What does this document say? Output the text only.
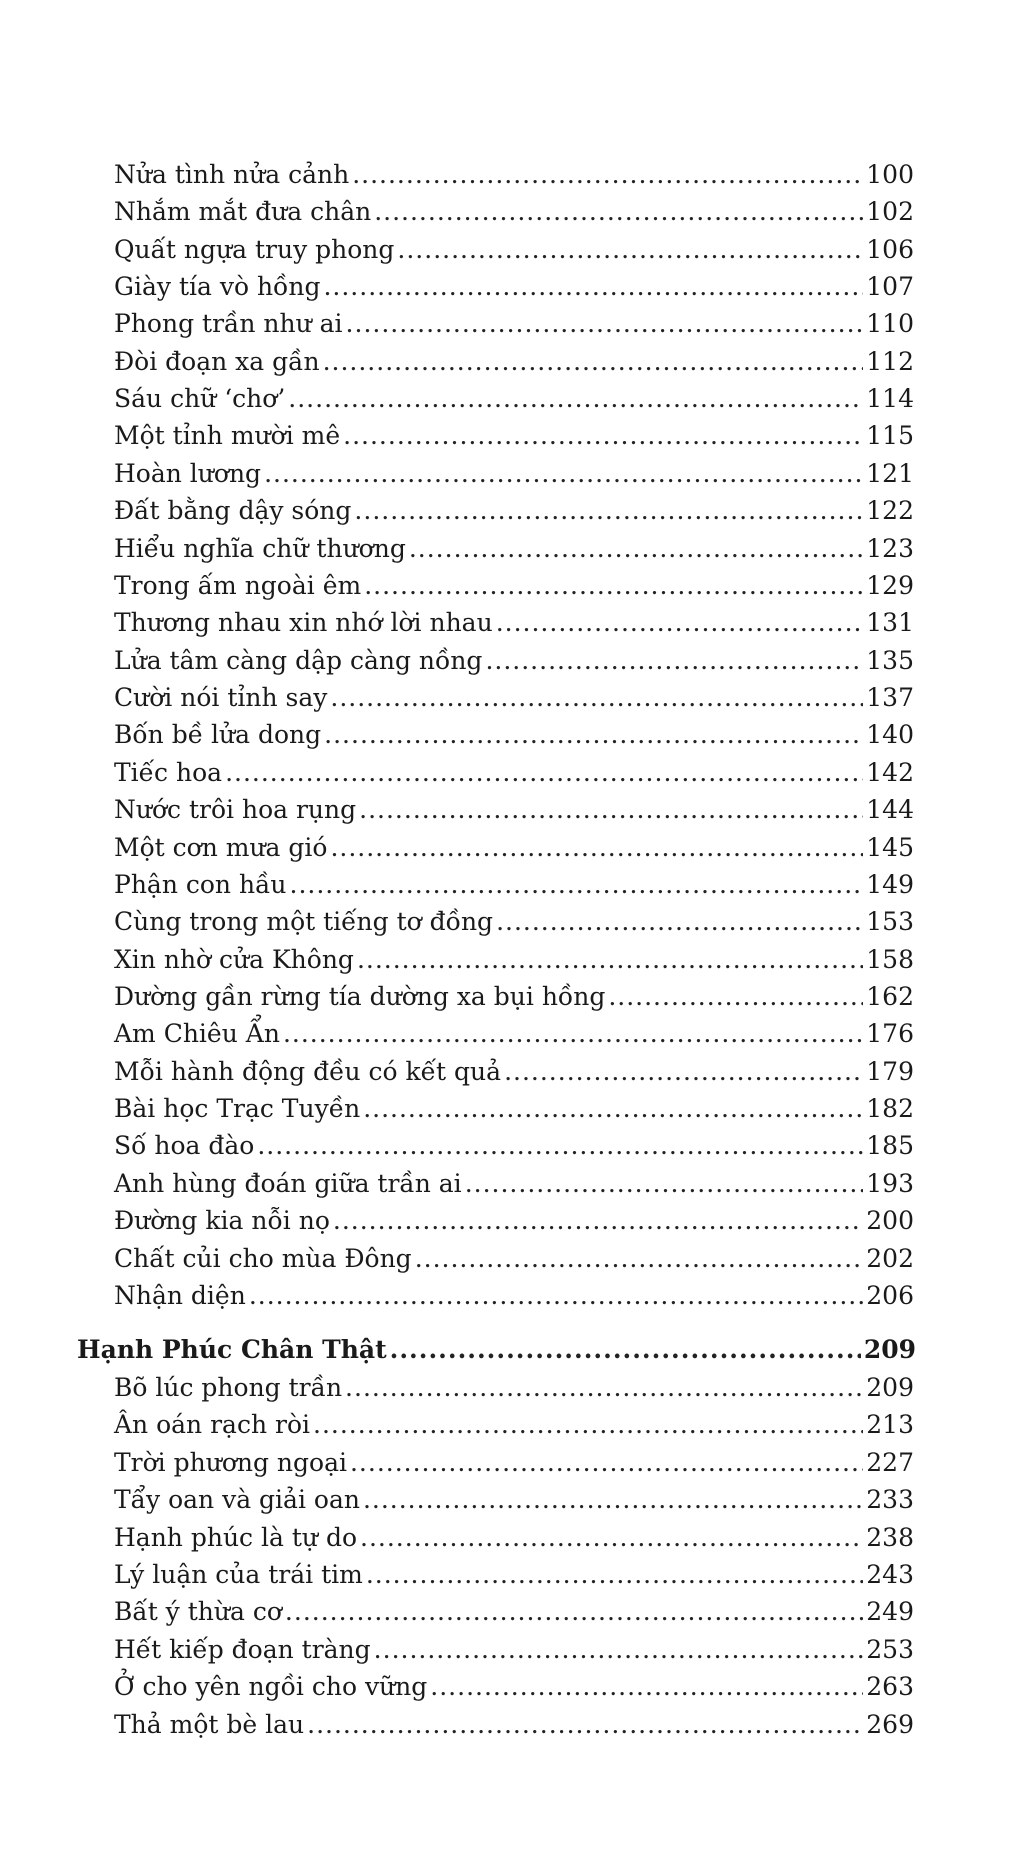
Nửa tình nửa cảnh .....	100
Nhắm mắt đưa chân .....	102
Quất ngựa truy phong .....	106
Giày tía vò hồng .....	107
Phong trần như ai .....	110
Đòi đoạn xa gần .....	112
Sáu chữ ‘chơ’ .....	114
Một tỉnh mười mê .....	115
Hoàn lương .....	121
Đất bằng dậy sóng .....	122
Hiểu nghĩa chữ thương .....	123
Trong ấm ngoài êm .....	129
Thương nhau xin nhớ lời nhau .....	131
Lửa tâm càng dập càng nồng .....	135
Cười nói tỉnh say .....	137
Bốn bề lửa dong .....	140
Tiếc hoa .....	142
Nước trôi hoa rụng .....	144
Một cơn mưa gió .....	145
Phận con hầu .....	149
Cùng trong một tiếng tơ đồng .....	153
Xin nhờ cửa Không .....	158
Dường gần rừng tía dường xa bụi hồng .....	162
Am Chiêu Ẩn .....	176
Mỗi hành động đều có kết quả .....	179
Bài học Trạc Tuyền .....	182
Số hoa đào .....	185
Anh hùng đoán giữa trần ai .....	193
Đường kia nỗi nọ .....	200
Chất củi cho mùa Đông .....	202
Nhận diện .....	206
Hạnh Phúc Chân Thật .....	209
Bõ lúc phong trần .....	209
Ân oán rạch ròi .....	213
Trời phương ngoại .....	227
Tẩy oan và giải oan .....	233
Hạnh phúc là tự do .....	238
Lý luận của trái tim .....	243
Bất ý thừa cơ .....	249
Hết kiếp đoạn tràng .....	253
Ở cho yên ngồi cho vững .....	263
Thả một bè lau .....	269
